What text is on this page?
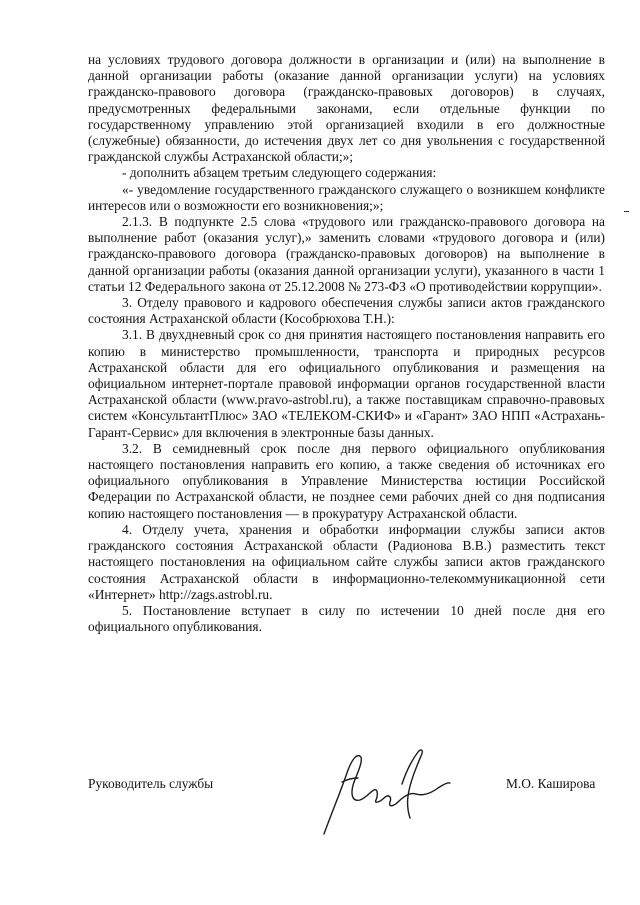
на условиях трудового договора должности в организации и (или) на выполнение в данной организации работы (оказание данной организации услуги) на условиях гражданско-правового договора (гражданско-правовых договоров) в случаях, предусмотренных федеральными законами, если отдельные функции по государственному управлению этой организацией входили в его должностные (служебные) обязанности, до истечения двух лет со дня увольнения с государственной гражданской службы Астраханской области;»;

- дополнить абзацем третьим следующего содержания:

«- уведомление государственного гражданского служащего о возникшем конфликте интересов или о возможности его возникновения;»;

2.1.3. В подпункте 2.5 слова «трудового или гражданско-правового договора на выполнение работ (оказания услуг),» заменить словами «трудового договора и (или) гражданско-правового договора (гражданско-правовых договоров) на выполнение в данной организации работы (оказания данной организации услуги), указанного в части 1 статьи 12 Федерального закона от 25.12.2008 № 273-ФЗ «О противодействии коррупции».

3. Отделу правового и кадрового обеспечения службы записи актов гражданского состояния Астраханской области (Кособрюхова Т.Н.):

3.1. В двухдневный срок со дня принятия настоящего постановления направить его копию в министерство промышленности, транспорта и природных ресурсов Астраханской области для его официального опубликования и размещения на официальном интернет-портале правовой информации органов государственной власти Астраханской области (www.pravo-astrobl.ru), а также поставщикам справочно-правовых систем «КонсультантПлюс» ЗАО «ТЕЛЕКОМ-СКИФ» и «Гарант» ЗАО НПП «Астрахань-Гарант-Сервис» для включения в электронные базы данных.

3.2. В семидневный срок после дня первого официального опубликования настоящего постановления направить его копию, а также сведения об источниках его официального опубликования в Управление Министерства юстиции Российской Федерации по Астраханской области, не позднее семи рабочих дней со дня подписания копию настоящего постановления — в прокуратуру Астраханской области.

4. Отделу учета, хранения и обработки информации службы записи актов гражданского состояния Астраханской области (Радионова В.В.) разместить текст настоящего постановления на официальном сайте службы записи актов гражданского состояния Астраханской области в информационно-телекоммуникационной сети «Интернет» http://zags.astrobl.ru.

5. Постановление вступает в силу по истечении 10 дней после дня его официального опубликования.

Руководитель службы	М.О. Каширова
